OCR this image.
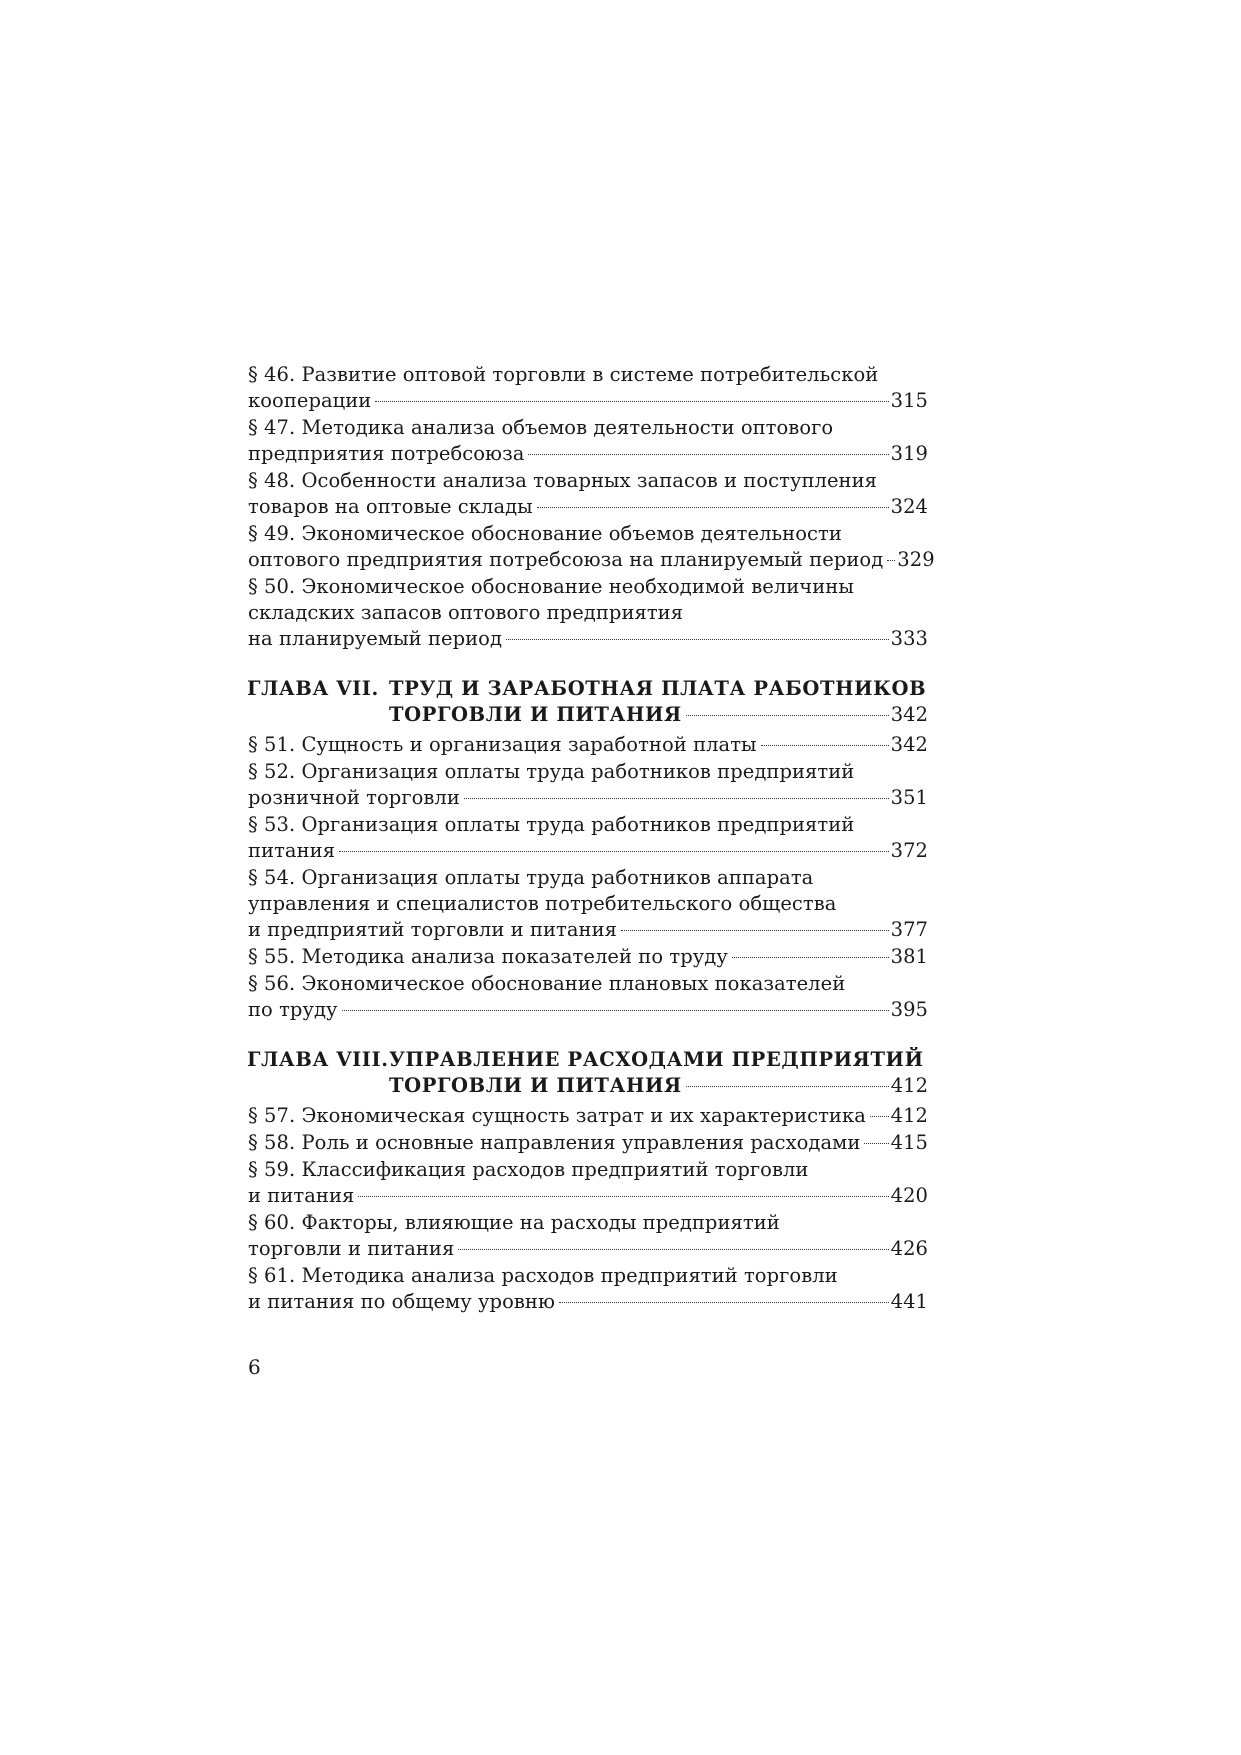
§ 46. Развитие оптовой торговли в системе потребительской
кооперации	315
§ 47. Методика анализа объемов деятельности оптового
предприятия потребсоюза	319
§ 48. Особенности анализа товарных запасов и поступления
товаров на оптовые склады	324
§ 49. Экономическое обоснование объемов деятельности
оптового предприятия потребсоюза на планируемый период 329
§ 50. Экономическое обоснование необходимой величины
складских запасов оптового предприятия
на планируемый период	333
ГЛАВА VII. ТРУД И ЗАРАБОТНАЯ ПЛАТА РАБОТНИКОВ
ТОРГОВЛИ И ПИТАНИЯ	342
§ 51. Сущность и организация заработной платы	342
§ 52. Организация оплаты труда работников предприятий
розничной торговли	351
§ 53. Организация оплаты труда работников предприятий
питания	372
§ 54. Организация оплаты труда работников аппарата
управления и специалистов потребительского общества
и предприятий торговли и питания	377
§ 55. Методика анализа показателей по труду	381
§ 56. Экономическое обоснование плановых показателей
по труду	395
ГЛАВА VIII. УПРАВЛЕНИЕ РАСХОДАМИ ПРЕДПРИЯТИЙ
ТОРГОВЛИ И ПИТАНИЯ	412
§ 57. Экономическая сущность затрат и их характеристика 412
§ 58. Роль и основные направления управления расходами 415
§ 59. Классификация расходов предприятий торговли
и питания	420
§ 60. Факторы, влияющие на расходы предприятий
торговли и питания	426
§ 61. Методика анализа расходов предприятий торговли
и питания по общему уровню	441
6
